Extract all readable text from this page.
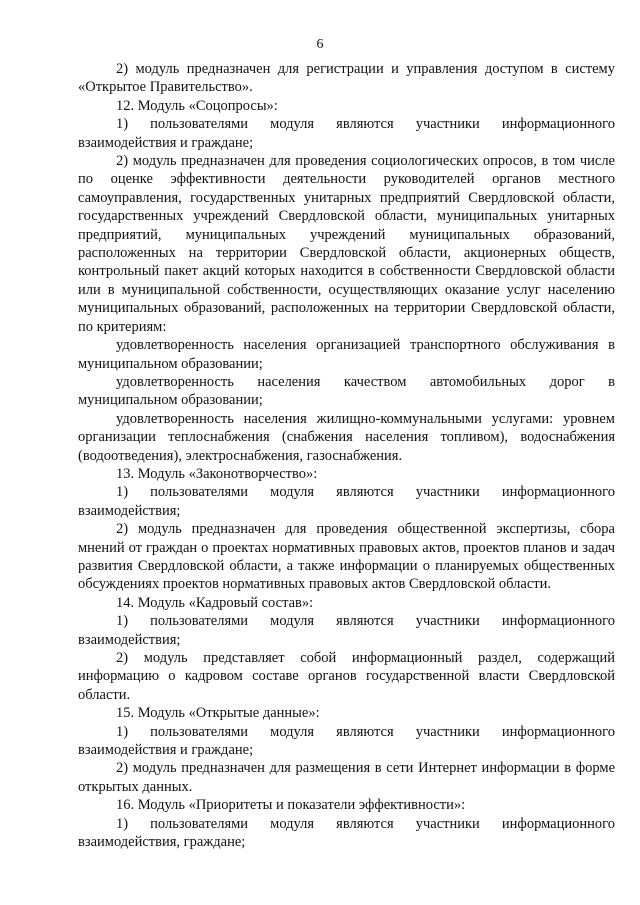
6

2) модуль предназначен для регистрации и управления доступом в систему «Открытое Правительство».

12. Модуль «Соцопросы»:

1) пользователями модуля являются участники информационного взаимодействия и граждане;

2) модуль предназначен для проведения социологических опросов, в том числе по оценке эффективности деятельности руководителей органов местного самоуправления, государственных унитарных предприятий Свердловской области, государственных учреждений Свердловской области, муниципальных унитарных предприятий, муниципальных учреждений муниципальных образований, расположенных на территории Свердловской области, акционерных обществ, контрольный пакет акций которых находится в собственности Свердловской области или в муниципальной собственности, осуществляющих оказание услуг населению муниципальных образований, расположенных на территории Свердловской области, по критериям:

удовлетворенность населения организацией транспортного обслуживания в муниципальном образовании;

удовлетворенность населения качеством автомобильных дорог в муниципальном образовании;

удовлетворенность населения жилищно-коммунальными услугами: уровнем организации теплоснабжения (снабжения населения топливом), водоснабжения (водоотведения), электроснабжения, газоснабжения.

13. Модуль «Законотворчество»:

1) пользователями модуля являются участники информационного взаимодействия;

2) модуль предназначен для проведения общественной экспертизы, сбора мнений от граждан о проектах нормативных правовых актов, проектов планов и задач развития Свердловской области, а также информации о планируемых общественных обсуждениях проектов нормативных правовых актов Свердловской области.

14. Модуль «Кадровый состав»:

1) пользователями модуля являются участники информационного взаимодействия;

2) модуль представляет собой информационный раздел, содержащий информацию о кадровом составе органов государственной власти Свердловской области.

15. Модуль «Открытые данные»:

1) пользователями модуля являются участники информационного взаимодействия и граждане;

2) модуль предназначен для размещения в сети Интернет информации в форме открытых данных.

16. Модуль «Приоритеты и показатели эффективности»:

1) пользователями модуля являются участники информационного взаимодействия, граждане;
